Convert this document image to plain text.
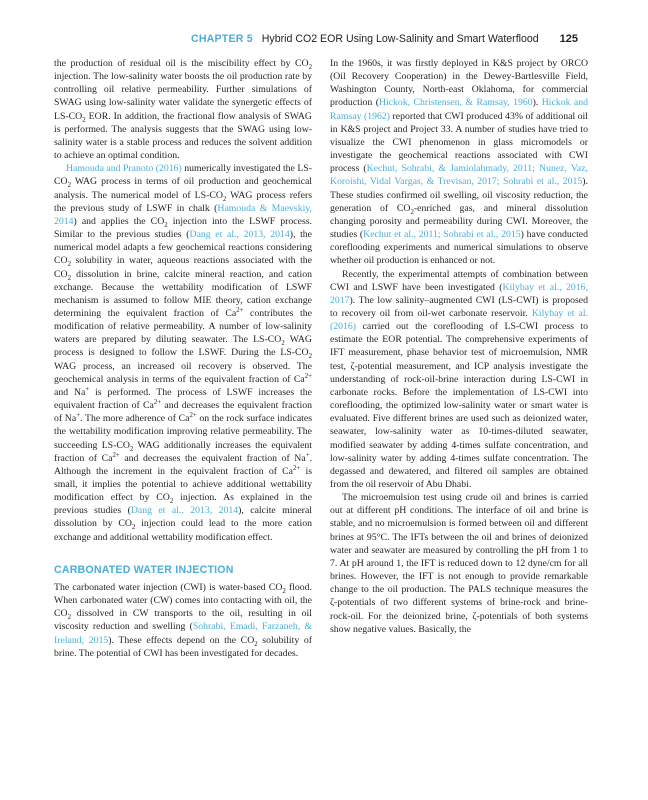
CHAPTER 5 Hybrid CO2 EOR Using Low-Salinity and Smart Waterflood 125

the production of residual oil is the miscibility effect by $CO_2$ injection. The low-salinity water boosts the oil production rate by controlling oil relative permeability. Further simulations of SWAG using low-salinity water validate the synergetic effects of $LS-CO_2$ EOR. In addition, the fractional flow analysis of SWAG is performed. The analysis suggests that the SWAG using low-salinity water is a stable process and reduces the solvent addition to achieve an optimal condition.

Hamouda and Pranoto (2016) numerically investigated the $LS-CO_2$ WAG process in terms of oil production and geochemical analysis. The numerical model of $LS-CO_2$ WAG process refers the previous study of LSWF in chalk (Hamouda & Maevskiy, 2014) and applies the $CO_2$ injection into the LSWF process. Similar to the previous studies (Dang et al., 2013, 2014), the numerical model adapts a few geochemical reactions considering $CO_2$ solubility in water, aqueous reactions associated with the $CO_2$ dissolution in brine, calcite mineral reaction, and cation exchange. Because the wettability modification of LSWF mechanism is assumed to follow MIE theory, cation exchange determining the equivalent fraction of $Ca^{2+}$ contributes the modification of relative permeability. A number of low-salinity waters are prepared by diluting seawater. The $LS-CO_2$ WAG process is designed to follow the LSWF. During the $LS-CO_2$ WAG process, an increased oil recovery is observed. The geochemical analysis in terms of the equivalent fraction of $Ca^{2+}$ and Na+ is performed. The process of LSWF increases the equivalent fraction of $Ca^{2+}$ and decreases the equivalent fraction of Na+. The more adherence of $Ca^{2+}$ on the rock surface indicates the wettability modification improving relative permeability. The succeeding $LS-CO_2$ WAG additionally increases the equivalent fraction of $Ca^{2+}$ and decreases the equivalent fraction of Na+. Although the increment in the equivalent fraction of $Ca^{2+}$ is small, it implies the potential to achieve additional wettability modification effect by $CO_2$ injection. As explained in the previous studies (Dang et al., 2013, 2014), calcite mineral dissolution by $CO_2$ injection could lead to the more cation exchange and additional wettability modification effect.

CARBONATED WATER INJECTION

The carbonated water injection (CWI) is water-based $CO_2$ flood. When carbonated water (CW) comes into contacting with oil, the $CO_2$ dissolved in CW transports to the oil, resulting in oil viscosity reduction and swelling (Sohrabi, Emadi, Farzaneh, & Ireland, 2015). These effects depend on the $CO_2$ solubility of brine. The potential of CWI has been investigated for decades.

In the 1960s, it was firstly deployed in K&S project by ORCO (Oil Recovery Cooperation) in the Dewey-Bartlesville Field, Washington County, North-east Oklahoma, for commercial production (Hickok, Christensen, & Ramsay, 1960). Hickok and Ramsay (1962) reported that CWI produced 43% of additional oil in K&S project and Project 33. A number of studies have tried to visualize the CWI phenomenon in glass micromodels or investigate the geochemical reactions associated with CWI process (Kechut, Sohrabi, & Jamiolahmady, 2011; Nunez, Vaz, Koroishi, Vidal Vargas, & Trevisan, 2017; Sohrabi et al., 2015). These studies confirmed oil swelling, oil viscosity reduction, the generation of $CO_2$-enriched gas, and mineral dissolution changing porosity and permeability during CWI. Moreover, the studies (Kechut et al., 2011; Sohrabi et al., 2015) have conducted coreflooding experiments and numerical simulations to observe whether oil production is enhanced or not.

Recently, the experimental attempts of combination between CWI and LSWF have been investigated (Kilybay et al., 2016, 2017). The low salinity–augmented CWI (LS-CWI) is proposed to recovery oil from oil-wet carbonate reservoir. Kilybay et al. (2016) carried out the coreflooding of LS-CWI process to estimate the EOR potential. The comprehensive experiments of IFT measurement, phase behavior test of microemulsion, NMR test, ζ-potential measurement, and ICP analysis investigate the understanding of rock-oil-brine interaction during LS-CWI in carbonate rocks. Before the implementation of LS-CWI into coreflooding, the optimized low-salinity water or smart water is evaluated. Five different brines are used such as deionized water, seawater, low-salinity water as 10-times-diluted seawater, modified seawater by adding 4-times sulfate concentration, and low-salinity water by adding 4-times sulfate concentration. The degassed and dewatered, and filtered oil samples are obtained from the oil reservoir of Abu Dhabi.

The microemulsion test using crude oil and brines is carried out at different pH conditions. The interface of oil and brine is stable, and no microemulsion is formed between oil and different brines at 95°C. The IFTs between the oil and brines of deionized water and seawater are measured by controlling the pH from 1 to 7. At pH around 1, the IFT is reduced down to 12 dyne/cm for all brines. However, the IFT is not enough to provide remarkable change to the oil production. The PALS technique measures the ζ-potentials of two different systems of brine-rock and brine-rock-oil. For the deionized brine, ζ-potentials of both systems show negative values. Basically, the
